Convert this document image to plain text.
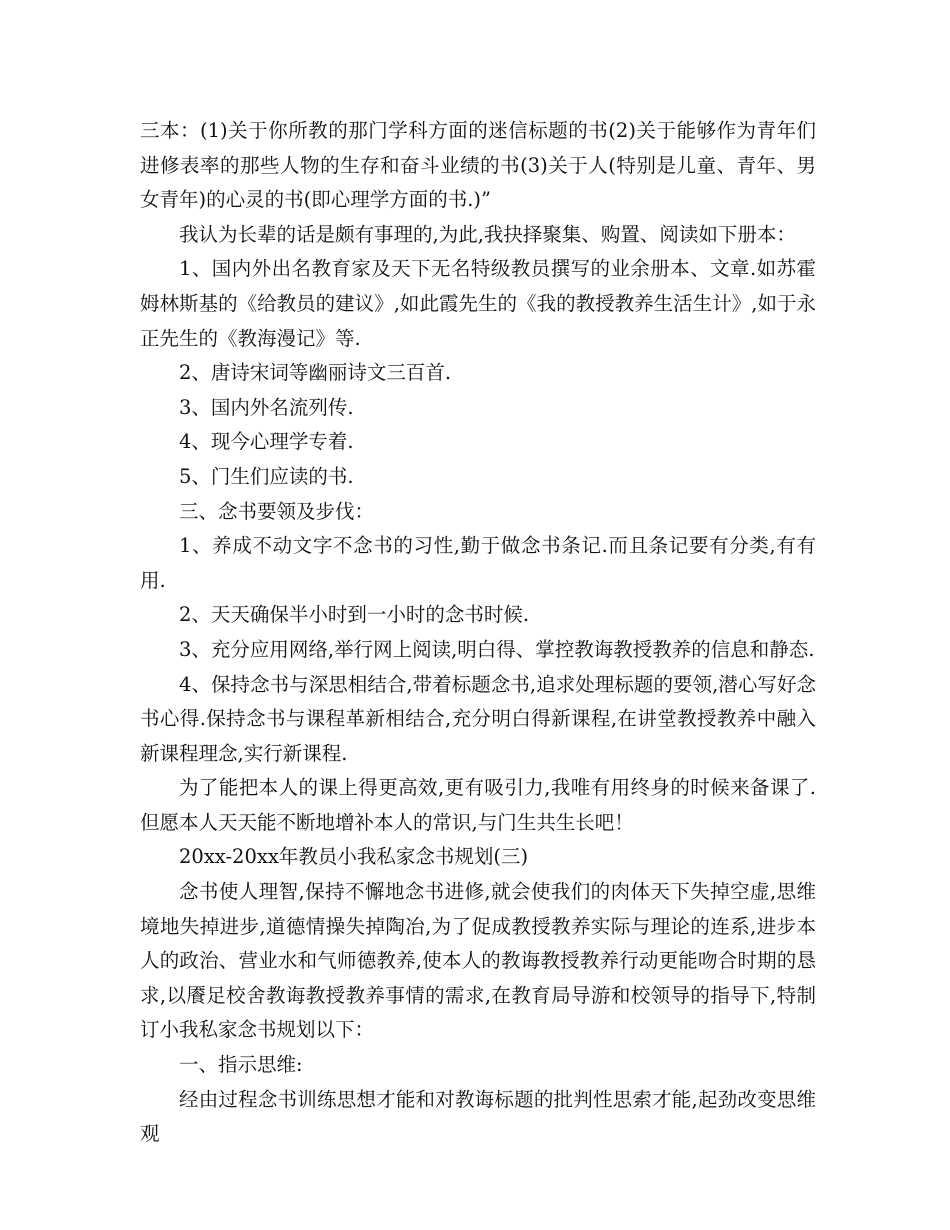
三本：(1)关于你所教的那门学科方面的迷信标题的书(2)关于能够作为青年们进修表率的那些人物的生存和奋斗业绩的书(3)关于人(特别是儿童、青年、男女青年)的心灵的书(即心理学方面的书.)”

我认为长辈的话是颇有事理的,为此,我抉择聚集、购置、阅读如下册本：

1、国内外出名教育家及天下无名特级教员撰写的业余册本、文章.如苏霍姆林斯基的《给教员的建议》,如此霞先生的《我的教授教养生活生计》,如于永正先生的《教海漫记》等.

2、唐诗宋词等幽丽诗文三百首.

3、国内外名流列传.

4、现今心理学专着.

5、门生们应读的书.

三、念书要领及步伐：

1、养成不动文字不念书的习性,勤于做念书条记.而且条记要有分类,有有用.

2、天天确保半小时到一小时的念书时候.

3、充分应用网络,举行网上阅读,明白得、掌控教诲教授教养的信息和静态.

4、保持念书与深思相结合,带着标题念书,追求处理标题的要领,潜心写好念书心得.保持念书与课程革新相结合,充分明白得新课程,在讲堂教授教养中融入新课程理念,实行新课程.

为了能把本人的课上得更高效,更有吸引力,我唯有用终身的时候来备课了.但愿本人天天能不断地增补本人的常识,与门生共生长吧！

20xx-20xx年教员小我私家念书规划(三)

念书使人理智,保持不懈地念书进修,就会使我们的肉体天下失掉空虚,思维境地失掉进步,道德情操失掉陶冶,为了促成教授教养实际与理论的连系,进步本人的政治、营业水和气师德教养,使本人的教诲教授教养行动更能吻合时期的恳求,以餍足校舍教诲教授教养事情的需求,在教育局导游和校领导的指导下,特制订小我私家念书规划以下：

一、指示思维:

经由过程念书训练思想才能和对教诲标题的批判性思索才能,起劲改变思维观
